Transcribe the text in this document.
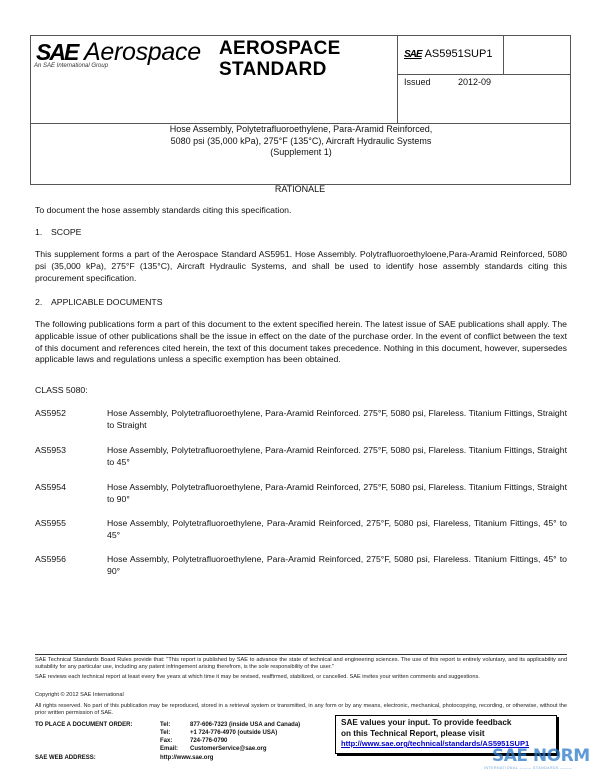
SAE Aerospace
An SAE International Group
AEROSPACE
STANDARD
SAE AS5951SUP1
Issued	2012-09
Hose Assembly, Polytetrafluoroethylene, Para-Aramid Reinforced,
5080 psi (35,000 kPa), 275°F (135°C), Aircraft Hydraulic Systems
(Supplement 1)
RATIONALE
To document the hose assembly standards citing this specification.
1. SCOPE
This supplement forms a part of the Aerospace Standard AS5951. Hose Assembly. Polytrafluoroethyloene,Para-Aramid Reinforced, 5080 psi (35,000 kPa), 275°F (135°C), Aircraft Hydraulic Systems, and shall be used to identify hose assembly standards citing this procurement specification.
2. APPLICABLE DOCUMENTS
The following publications form a part of this document to the extent specified herein. The latest issue of SAE publications shall apply. The applicable issue of other publications shall be the issue in effect on the date of the purchase order. In the event of conflict between the text of this document and references cited herein, the text of this document takes precedence. Nothing in this document, however, supersedes applicable laws and regulations unless a specific exemption has been obtained.
CLASS 5080:
AS5952	Hose Assembly, Polytetrafluoroethylene, Para-Aramid Reinforced. 275°F, 5080 psi, Flareless. Titanium Fittings, Straight to Straight
AS5953	Hose Assembly, Polytetrafluoroethylene, Para-Aramid Reinforced. 275°F, 5080 psi, Flareless. Titanium Fittings, Straight to 45°
AS5954	Hose Assembly, Polytetrafluoroethylene, Para-Aramid Reinforced, 275°F, 5080 psi, Flareless. Titanium Fittings, Straight to 90°
AS5955	Hose Assembly, Polytetrafluoroethylene, Para-Aramid Reinforced, 275°F, 5080 psi, Flareless, Titanium Fittings, 45° to 45°
AS5956	Hose Assembly, Polytetrafluoroethylene, Para-Aramid Reinforced, 275°F, 5080 psi, Flareless. Titanium Fittings, 45° to 90°
SAE Technical Standards Board Rules provide that: "This report is published by SAE to advance the state of technical and engineering sciences. The use of this report is entirely voluntary, and its applicability and suitability for any particular use, including any patent infringement arising therefrom, is the sole responsibility of the user."
SAE reviews each technical report at least every five years at which time it may be revised, reaffirmed, stabilized, or cancelled. SAE invites your written comments and suggestions.
Copyright © 2012 SAE International
All rights reserved. No part of this publication may be reproduced, stored in a retrieval system or transmitted, in any form or by any means, electronic, mechanical, photocopying, recording, or otherwise, without the prior written permission of SAE.
TO PLACE A DOCUMENT ORDER:	Tel:	877-606-7323 (inside USA and Canada)
Tel:	+1 724-776-4970 (outside USA)
Fax:	724-776-0790
Email: CustomerService@sae.org
SAE WEB ADDRESS:	http://www.sae.org
SAE values your input. To provide feedback
on this Technical Report, please visit
http://www.sae.org/technical/standards/AS5951SUP1
SAE NORM
INTERNATIONAL ——— STANDARDS ———
